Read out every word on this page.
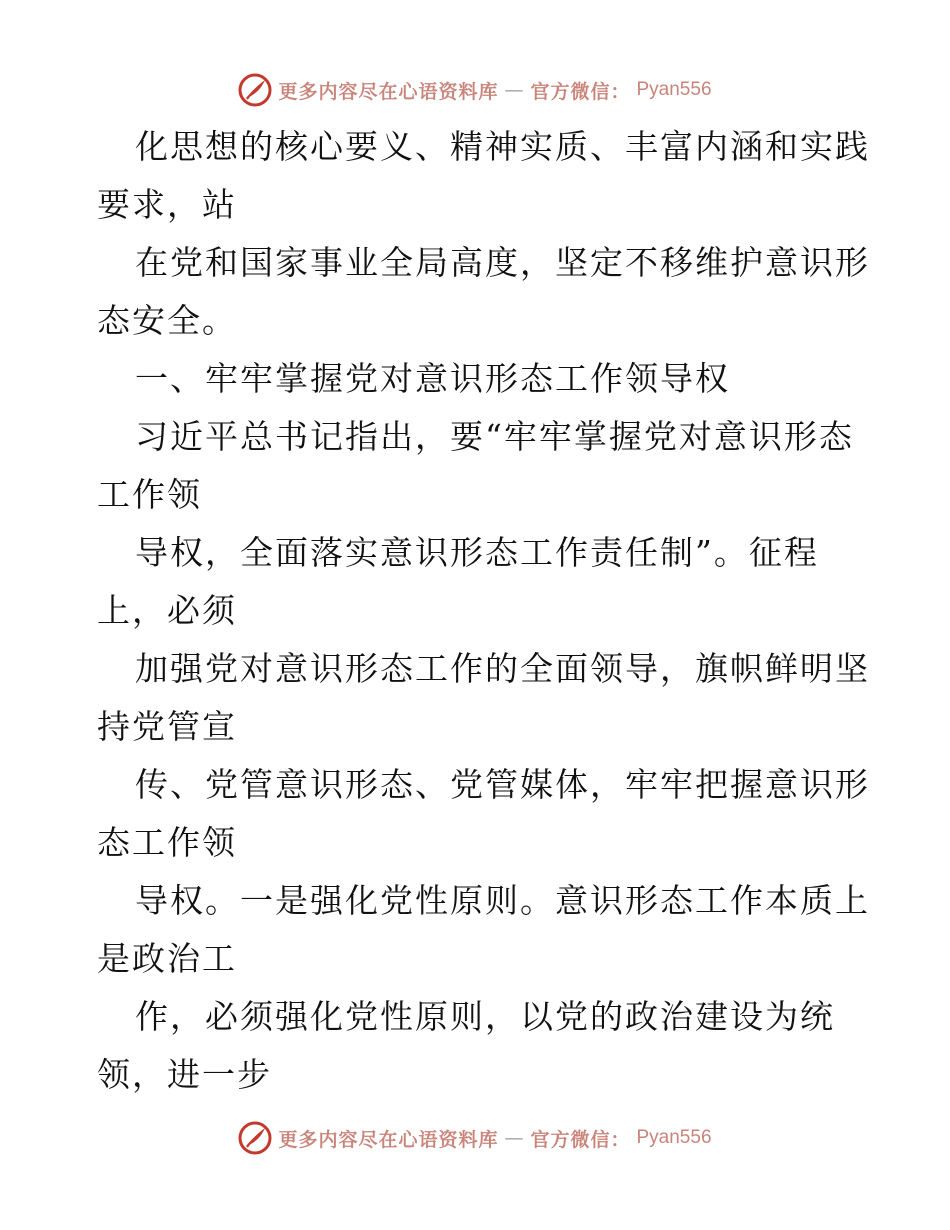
更多内容尽在心语资料库 — 官方微信： Pyan556
化思想的核心要义、精神实质、丰富内涵和实践
要求，站
在党和国家事业全局高度，坚定不移维护意识形
态安全。
一、牢牢掌握党对意识形态工作领导权
习近平总书记指出，要“牢牢掌握党对意识形态
工作领
导权，全面落实意识形态工作责任制”。征程
上，必须
加强党对意识形态工作的全面领导，旗帜鲜明坚
持党管宣
传、党管意识形态、党管媒体，牢牢把握意识形
态工作领
导权。一是强化党性原则。意识形态工作本质上
是政治工
作，必须强化党性原则，以党的政治建设为统
领，进一步
更多内容尽在心语资料库 — 官方微信： Pyan556
